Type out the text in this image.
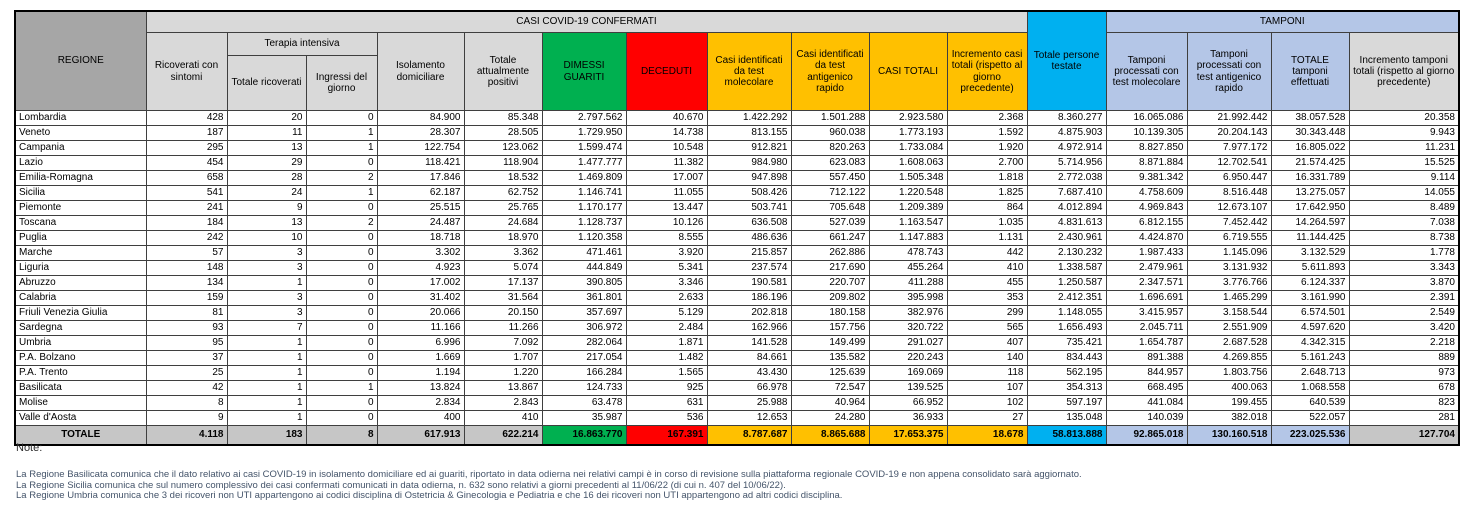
REGIONE	CASI COVID-19 CONFERMATI											Totale persone testate	TAMPONI			
	Ricoverati con sintomi	Terapia intensiva		Isolamento domiciliare	Totale attualmente positivi	DIMESSI GUARITI	DECEDUTI	Casi identificati da test molecolare	Casi identificati da test antigenico rapido	CASI TOTALI	Incremento casi totali (rispetto al giorno precedente)		Tamponi processati con test molecolare	Tamponi processati con test antigenico rapido	TOTALE tamponi effettuati	Incremento tamponi totali (rispetto al giorno precedente)
		Totale ricoverati	Ingressi del giorno													
Lombardia	428	20	0	84.900	85.348	2.797.562	40.670	1.422.292	1.501.288	2.923.580	2.368	8.360.277	16.065.086	21.992.442	38.057.528	20.358
Veneto	187	11	1	28.307	28.505	1.729.950	14.738	813.155	960.038	1.773.193	1.592	4.875.903	10.139.305	20.204.143	30.343.448	9.943
Campania	295	13	1	122.754	123.062	1.599.474	10.548	912.821	820.263	1.733.084	1.920	4.972.914	8.827.850	7.977.172	16.805.022	11.231
Lazio	454	29	0	118.421	118.904	1.477.777	11.382	984.980	623.083	1.608.063	2.700	5.714.956	8.871.884	12.702.541	21.574.425	15.525
Emilia-Romagna	658	28	2	17.846	18.532	1.469.809	17.007	947.898	557.450	1.505.348	1.818	2.772.038	9.381.342	6.950.447	16.331.789	9.114
Sicilia	541	24	1	62.187	62.752	1.146.741	11.055	508.426	712.122	1.220.548	1.825	7.687.410	4.758.609	8.516.448	13.275.057	14.055
Piemonte	241	9	0	25.515	25.765	1.170.177	13.447	503.741	705.648	1.209.389	864	4.012.894	4.969.843	12.673.107	17.642.950	8.489
Toscana	184	13	2	24.487	24.684	1.128.737	10.126	636.508	527.039	1.163.547	1.035	4.831.613	6.812.155	7.452.442	14.264.597	7.038
Puglia	242	10	0	18.718	18.970	1.120.358	8.555	486.636	661.247	1.147.883	1.131	2.430.961	4.424.870	6.719.555	11.144.425	8.738
Marche	57	3	0	3.302	3.362	471.461	3.920	215.857	262.886	478.743	442	2.130.232	1.987.433	1.145.096	3.132.529	1.778
Liguria	148	3	0	4.923	5.074	444.849	5.341	237.574	217.690	455.264	410	1.338.587	2.479.961	3.131.932	5.611.893	3.343
Abruzzo	134	1	0	17.002	17.137	390.805	3.346	190.581	220.707	411.288	455	1.250.587	2.347.571	3.776.766	6.124.337	3.870
Calabria	159	3	0	31.402	31.564	361.801	2.633	186.196	209.802	395.998	353	2.412.351	1.696.691	1.465.299	3.161.990	2.391
Friuli Venezia Giulia	81	3	0	20.066	20.150	357.697	5.129	202.818	180.158	382.976	299	1.148.055	3.415.957	3.158.544	6.574.501	2.549
Sardegna	93	7	0	11.166	11.266	306.972	2.484	162.966	157.756	320.722	565	1.656.493	2.045.711	2.551.909	4.597.620	3.420
Umbria	95	1	0	6.996	7.092	282.064	1.871	141.528	149.499	291.027	407	735.421	1.654.787	2.687.528	4.342.315	2.218
P.A. Bolzano	37	1	0	1.669	1.707	217.054	1.482	84.661	135.582	220.243	140	834.443	891.388	4.269.855	5.161.243	889
P.A. Trento	25	1	0	1.194	1.220	166.284	1.565	43.430	125.639	169.069	118	562.195	844.957	1.803.756	2.648.713	973
Basilicata	42	1	1	13.824	13.867	124.733	925	66.978	72.547	139.525	107	354.313	668.495	400.063	1.068.558	678
Molise	8	1	0	2.834	2.843	63.478	631	25.988	40.964	66.952	102	597.197	441.084	199.455	640.539	823
Valle d'Aosta	9	1	0	400	410	35.987	536	12.653	24.280	36.933	27	135.048	140.039	382.018	522.057	281
TOTALE	4.118	183	8	617.913	622.214	16.863.770	167.391	8.787.687	8.865.688	17.653.375	18.678	58.813.888	92.865.018	130.160.518	223.025.536	127.704
Note:
La Regione Basilicata comunica che il dato relativo ai casi COVID-19 in isolamento domiciliare ed ai guariti, riportato in data odierna nei relativi campi è in corso di revisione sulla piattaforma regionale COVID-19 e non appena consolidato sarà aggiornato.
La Regione Sicilia comunica che sul numero complessivo dei casi confermati comunicati in data odierna, n. 632 sono relativi a giorni precedenti al 11/06/22 (di cui n. 407 del 10/06/22).
La Regione Umbria comunica che 3 dei ricoveri non UTI appartengono ai codici disciplina di Ostetricia & Ginecologia e Pediatria e che 16 dei ricoveri non UTI appartengono ad altri codici disciplina.
